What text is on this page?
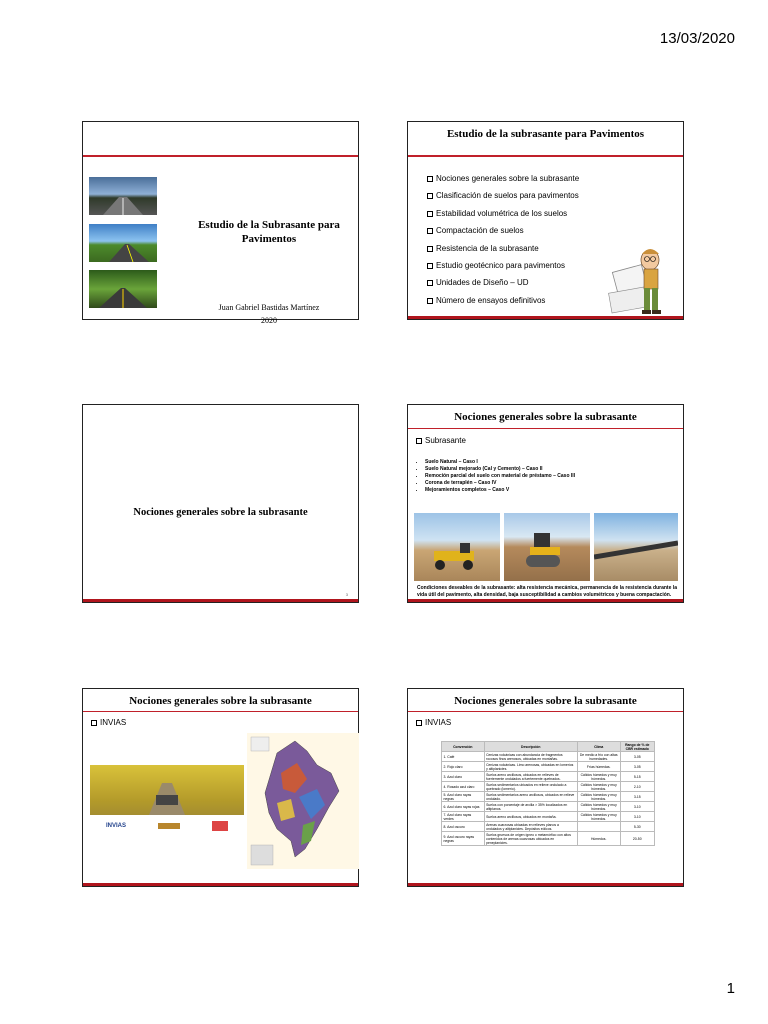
13/03/2020
Estudio de la Subrasante para Pavimentos
Juan Gabriel Bastidas Martínez
2020
Estudio de la subrasante para Pavimentos
Nociones generales sobre la subrasante
Clasificación de suelos para pavimentos
Estabilidad volumétrica de los suelos
Compactación de suelos
Resistencia de la subrasante
Estudio geotécnico para pavimentos
Unidades de Diseño – UD
Número de ensayos definitivos
Nociones generales sobre la subrasante
3
Nociones generales sobre la subrasante
Subrasante
• Suelo Natural – Caso I
• Suelo Natural mejorado (Cal y Cemento) – Caso II
• Remoción parcial del suelo con material de préstamo – Caso III
• Corona de terraplén – Caso IV
• Mejoramientos completos – Caso V
Condiciones deseables de la subrasante: alta resistencia mecánica, permanencia de la resistencia durante la vida útil del pavimento, alta densidad, baja susceptibilidad a cambios volumétricos y buena compactación.
Nociones generales sobre la subrasante
INVIAS
INVIAS
Nociones generales sobre la subrasante
INVIAS
Convención	Descripción	Clima	Rango de % de CBR estimado
1. Café	Cenizas volcánicas con abundancia de fragmentos rocosos finos arenosos, ubicadas en montañas.	De medio a frío con altas humedades.	3-05
2. Rojo claro	Cenizas volcánicas. Limo arenosas, ubicadas en lomeríos y altiplanicies.	Frías húmedas.	3-05
3. Azul claro	Suelos areno arcillosos, ubicados en relieves de fuertemente ondulados a fuertemente quebrados.	Cálidos húmedos y muy húmedos.	5-15
4. Rosado azul claro	Suelos sedimentarios ubicados en relieve ondulado a quebrado (lomerío).	Cálidos húmedos y muy húmedos.	2-10
5. Azul claro rayas negras	Suelos sedimentarios areno arcillosos, ubicados en relieve ondulado.	Cálidos húmedos y muy húmedos.	3-15
6. Azul claro rayas rojas	Suelos con porcentaje de arcilla > 35% localizados en altiplanos.	Cálidos húmedos y muy húmedos.	3-10
7. Azul claro rayas verdes	Suelos areno arcillosos, ubicados en montaña.	Cálidos húmedos y muy húmedos.	3-10
8. Azul oscuro	Arenas cuarzosas ubicadas en relieves planos a ondulados y altiplanicies. Depósitos eólicos.		5-30
9. Azul oscuro rayas negras	Suelos gruesos de origen ígneo o metamórfico con altos contenidos de arenas cuarzosas ubicados en peneplanicies.	Húmedos.	20-50
1
